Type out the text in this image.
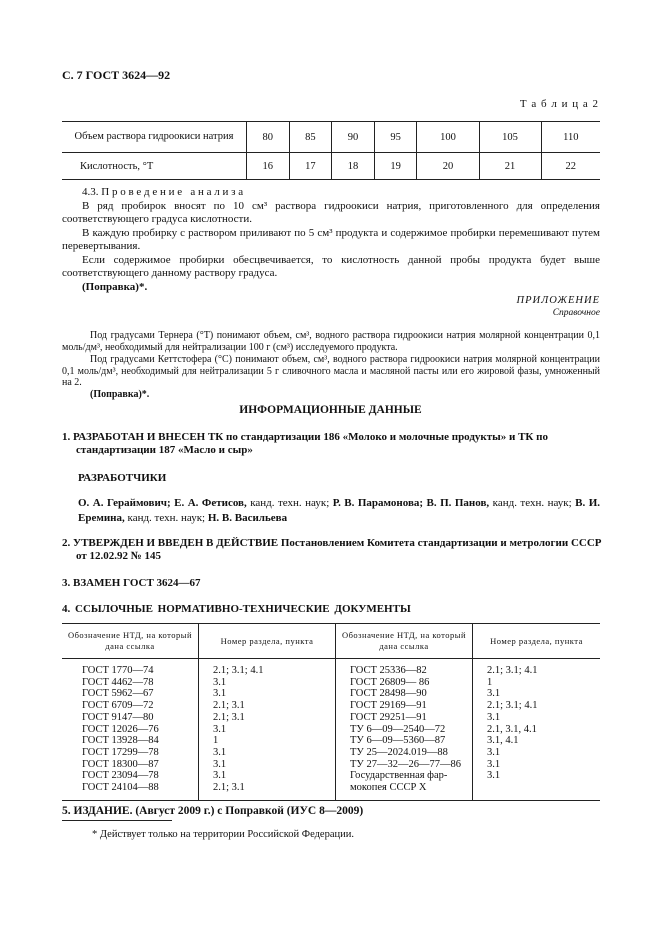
С. 7 ГОСТ 3624—92
Т а б л и ц а 2
Объем раствора гидроокиси натрия	80	85	90	95	100	105	110
Кислотность, °Т	16	17	18	19	20	21	22
4.3. П р о в е д е н и е   а н а л и з а

В ряд пробирок вносят по 10 см³ раствора гидроокиси натрия, приготовленного для определения соответствующего градуса кислотности.

В каждую пробирку с раствором приливают по 5 см³ продукта и содержимое пробирки перемешивают путем перевертывания.

Если содержимое пробирки обесцвечивается, то кислотность данной пробы продукта будет выше соответствующего данному раствору градуса.

(Поправка)*.
ПРИЛОЖЕНИЕ
Справочное

Под градусами Тернера (°Т) понимают объем, см³, водного раствора гидроокиси натрия молярной концентрации 0,1 моль/дм³, необходимый для нейтрализации 100 г (см³) исследуемого продукта.

Под градусами Кеттстофера (°С) понимают объем, см³, водного раствора гидроокиси натрия молярной концентрации 0,1 моль/дм³, необходимый для нейтрализации 5 г сливочного масла и масляной пасты или его жировой фазы, умноженный на 2.

(Поправка)*.
ИНФОРМАЦИОННЫЕ ДАННЫЕ

1. РАЗРАБОТАН И ВНЕСЕН ТК по стандартизации 186 «Молоко и молочные продукты» и ТК по стандартизации 187 «Масло и сыр»

РАЗРАБОТЧИКИ

О. А. Гераймович; Е. А. Фетисов, канд. техн. наук; Р. В. Парамонова; В. П. Панов, канд. техн. наук; В. И. Еремина, канд. техн. наук; Н. В. Васильева

2. УТВЕРЖДЕН И ВВЕДЕН В ДЕЙСТВИЕ Постановлением Комитета стандартизации и метрологии СССР от 12.02.92 № 145

3. ВЗАМЕН ГОСТ 3624—67
4. ССЫЛОЧНЫЕ НОРМАТИВНО-ТЕХНИЧЕСКИЕ ДОКУМЕНТЫ
Обозначение НТД, на который дана ссылка	Номер раздела, пункта	Обозначение НТД, на который дана ссылка	Номер раздела, пункта
ГОСТ 1770—74	2.1; 3.1; 4.1	ГОСТ 25336—82	2.1; 3.1; 4.1
ГОСТ 4462—78	3.1	ГОСТ 26809— 86	1
ГОСТ 5962—67	3.1	ГОСТ 28498—90	3.1
ГОСТ 6709—72	2.1; 3.1	ГОСТ 29169—91	2.1; 3.1; 4.1
ГОСТ 9147—80	2.1; 3.1	ГОСТ 29251—91	3.1
ГОСТ 12026—76	3.1	ТУ 6—09—2540—72	2.1, 3.1, 4.1
ГОСТ 13928—84	1	ТУ 6—09—5360—87	3.1, 4.1
ГОСТ 17299—78	3.1	ТУ 25—2024.019—88	3.1
ГОСТ 18300—87	3.1	ТУ 27—32—26—77—86	3.1
ГОСТ 23094—78	3.1	Государственная фар-	3.1
ГОСТ 24104—88	2.1; 3.1	мокопея СССР X	
5. ИЗДАНИЕ. (Август 2009 г.) с Поправкой (ИУС 8—2009)
* Действует только на территории Российской Федерации.
